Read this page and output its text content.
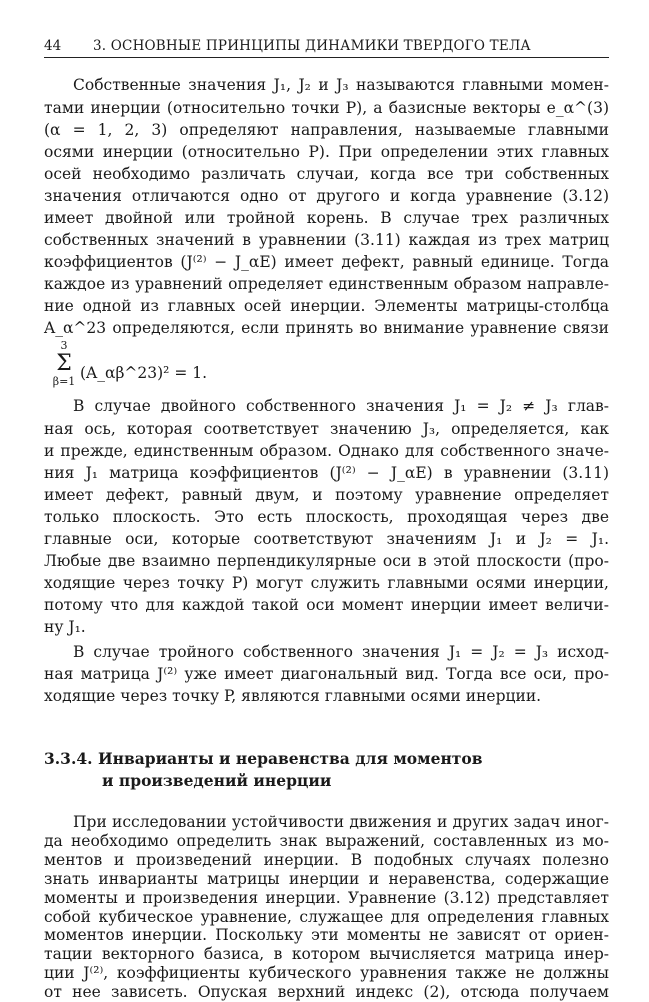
44 3. ОСНОВНЫЕ ПРИНЦИПЫ ДИНАМИКИ ТВЕРДОГО ТЕЛА
Собственные значения J₁, J₂ и J₃ называются главными момен-
тами инерции (относительно точки P), а базисные векторы e_α^(3)
(α = 1, 2, 3) определяют направления, называемые главными
осями инерции (относительно P). При определении этих главных
осей необходимо различать случаи, когда все три собственных
значения отличаются одно от другого и когда уравнение (3.12)
имеет двойной или тройной корень. В случае трех различных
собственных значений в уравнении (3.11) каждая из трех матриц
коэффициентов (J⁽²⁾ − J_αE) имеет дефект, равный единице. Тогда
каждое из уравнений определяет единственным образом направле-
ние одной из главных осей инерции. Элементы матрицы-столбца
A_α^23 определяются, если принять во внимание уравнение связи
3
Σ
β=1 (A_αβ^23)² = 1.
В случае двойного собственного значения J₁ = J₂ ≠ J₃ глав-
ная ось, которая соответствует значению J₃, определяется, как
и прежде, единственным образом. Однако для собственного значе-
ния J₁ матрица коэффициентов (J⁽²⁾ − J_αE) в уравнении (3.11)
имеет дефект, равный двум, и поэтому уравнение определяет
только плоскость. Это есть плоскость, проходящая через две
главные оси, которые соответствуют значениям J₁ и J₂ = J₁.
Любые две взаимно перпендикулярные оси в этой плоскости (про-
ходящие через точку P) могут служить главными осями инерции,
потому что для каждой такой оси момент инерции имеет величи-
ну J₁.
В случае тройного собственного значения J₁ = J₂ = J₃ исход-
ная матрица J⁽²⁾ уже имеет диагональный вид. Тогда все оси, про-
ходящие через точку P, являются главными осями инерции.
3.3.4. Инварианты и неравенства для моментов
и произведений инерции
При исследовании устойчивости движения и других задач иног-
да необходимо определить знак выражений, составленных из мо-
ментов и произведений инерции. В подобных случаях полезно
знать инварианты матрицы инерции и неравенства, содержащие
моменты и произведения инерции. Уравнение (3.12) представляет
собой кубическое уравнение, служащее для определения главных
моментов инерции. Поскольку эти моменты не зависят от ориен-
тации векторного базиса, в котором вычисляется матрица инер-
ции J⁽²⁾, коэффициенты кубического уравнения также не должны
от нее зависеть. Опуская верхний индекс (2), отсюда получаем
